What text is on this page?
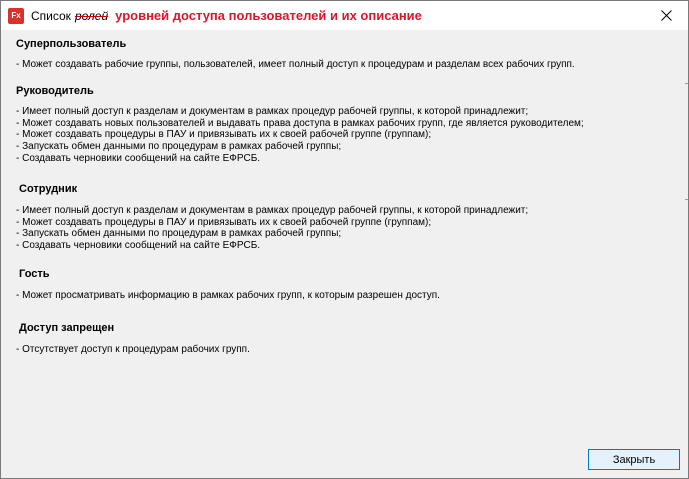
Fx Список ролей уровней доступа пользователей и их описание
Суперпользователь
- Может создавать рабочие группы, пользователей, имеет полный доступ к процедурам и разделам всех рабочих групп.
Руководитель
- Имеет полный доступ к разделам и документам в рамках процедур рабочей группы, к которой принадлежит;
- Может создавать новых пользователей и выдавать права доступа в рамках рабочих групп, где является руководителем;
- Может создавать процедуры в ПАУ и привязывать их к своей рабочей группе (группам);
- Запускать обмен данными по процедурам в рамках рабочей группы;
- Создавать черновики сообщений на сайте ЕФРСБ.
Сотрудник
- Имеет полный доступ к разделам и документам в рамках процедур рабочей группы, к которой принадлежит;
- Может создавать процедуры в ПАУ и привязывать их к своей рабочей группе (группам);
- Запускать обмен данными по процедурам в рамках рабочей группы;
- Создавать черновики сообщений на сайте ЕФРСБ.
Гость
- Может просматривать информацию в рамках рабочих групп, к которым разрешен доступ.
Доступ запрещен
- Отсутствует доступ к процедурам рабочих групп.
Закрыть
